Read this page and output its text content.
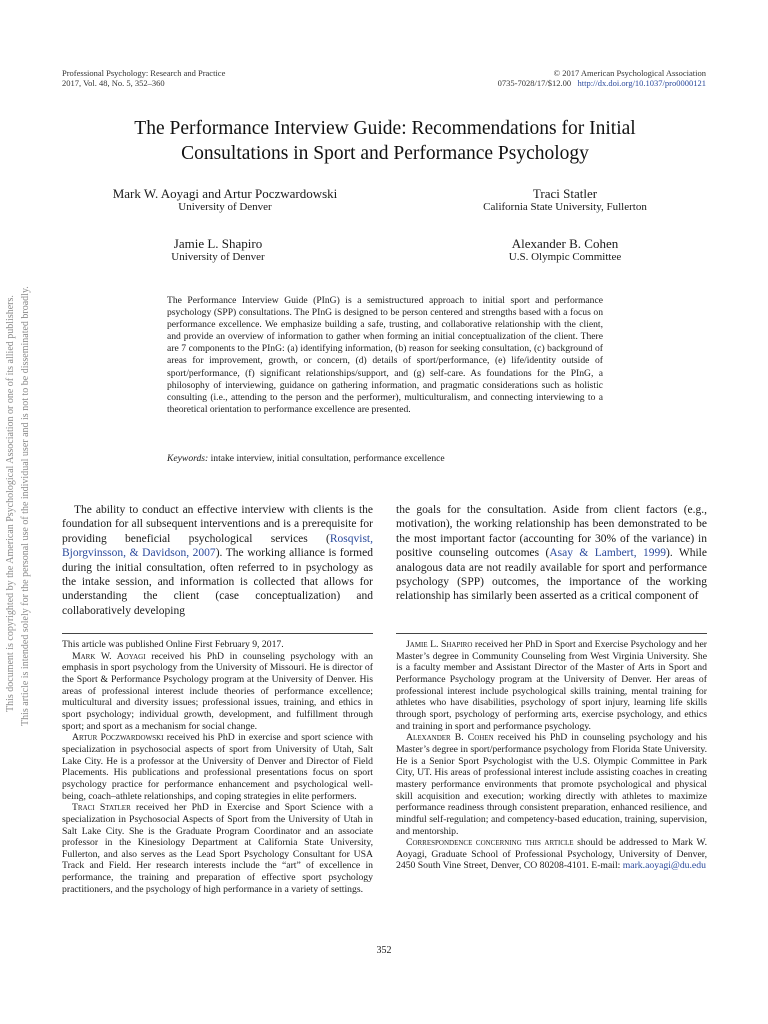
Professional Psychology: Research and Practice
2017, Vol. 48, No. 5, 352–360
© 2017 American Psychological Association
0735-7028/17/$12.00 http://dx.doi.org/10.1037/pro0000121
The Performance Interview Guide: Recommendations for Initial
Consultations in Sport and Performance Psychology
Mark W. Aoyagi and Artur Poczwardowski
University of Denver
Traci Statler
California State University, Fullerton
Jamie L. Shapiro
University of Denver
Alexander B. Cohen
U.S. Olympic Committee
The Performance Interview Guide (PInG) is a semistructured approach to initial sport and performance psychology (SPP) consultations. The PInG is designed to be person centered and strengths based with a focus on performance excellence. We emphasize building a safe, trusting, and collaborative relationship with the client, and provide an overview of information to gather when forming an initial conceptualization of the client. There are 7 components to the PInG: (a) identifying information, (b) reason for seeking consultation, (c) background of areas for improvement, growth, or concern, (d) details of sport/performance, (e) life/identity outside of sport/performance, (f) significant relationships/support, and (g) self-care. As foundations for the PInG, a philosophy of interviewing, guidance on gathering information, and pragmatic considerations such as holistic consulting (i.e., attending to the person and the performer), multiculturalism, and connecting interviewing to a theoretical orientation to performance excellence are presented.
Keywords: intake interview, initial consultation, performance excellence

The ability to conduct an effective interview with clients is the foundation for all subsequent interventions and is a prerequisite for providing beneficial psychological services (Rosqvist, Bjorgvinsson, & Davidson, 2007). The working alliance is formed during the initial consultation, often referred to in psychology as the intake session, and information is collected that allows for understanding the client (case conceptualization) and collaboratively developing

the goals for the consultation. Aside from client factors (e.g., motivation), the working relationship has been demonstrated to be the most important factor (accounting for 30% of the variance) in positive counseling outcomes (Asay & Lambert, 1999). While analogous data are not readily available for sport and performance psychology (SPP) outcomes, the importance of the working relationship has similarly been asserted as a critical component of

This article was published Online First February 9, 2017.

Mark W. Aoyagi received his PhD in counseling psychology with an emphasis in sport psychology from the University of Missouri. He is director of the Sport & Performance Psychology program at the University of Denver. His areas of professional interest include theories of performance excellence; multicultural and diversity issues; professional issues, training, and ethics in sport psychology; individual growth, development, and fulfillment through sport; and sport as a mechanism for social change.

Artur Poczwardowski received his PhD in exercise and sport science with specialization in psychosocial aspects of sport from University of Utah, Salt Lake City. He is a professor at the University of Denver and Director of Field Placements. His publications and professional presentations focus on sport psychology practice for performance enhancement and psychological well-being, coach–athlete relationships, and coping strategies in elite performers.

Traci Statler received her PhD in Exercise and Sport Science with a specialization in Psychosocial Aspects of Sport from the University of Utah in Salt Lake City. She is the Graduate Program Coordinator and an associate professor in the Kinesiology Department at California State University, Fullerton, and also serves as the Lead Sport Psychology Consultant for USA Track and Field. Her research interests include the “art” of excellence in performance, the training and preparation of effective sport psychology practitioners, and the psychology of high performance in a variety of settings.

Jamie L. Shapiro received her PhD in Sport and Exercise Psychology and her Master’s degree in Community Counseling from West Virginia University. She is a faculty member and Assistant Director of the Master of Arts in Sport and Performance Psychology program at the University of Denver. Her areas of professional interest include psychological skills training, mental training for athletes who have disabilities, psychology of sport injury, learning life skills through sport, psychology of performing arts, exercise psychology, and ethics and training in sport and performance psychology.

Alexander B. Cohen received his PhD in counseling psychology and his Master’s degree in sport/performance psychology from Florida State University. He is a Senior Sport Psychologist with the U.S. Olympic Committee in Park City, UT. His areas of professional interest include assisting coaches in creating mastery performance environments that promote psychological and physical skill acquisition and execution; working directly with athletes to maximize performance readiness through consistent preparation, enhanced resilience, and mindful self-regulation; and competency-based education, training, supervision, and mentorship.

Correspondence concerning this article should be addressed to Mark W. Aoyagi, Graduate School of Professional Psychology, University of Denver, 2450 South Vine Street, Denver, CO 80208-4101. E-mail: mark.aoyagi@du.edu

This document is copyrighted by the American Psychological Association or one of its allied publishers. This article is intended solely for the personal use of the individual user and is not to be disseminated broadly.
352
